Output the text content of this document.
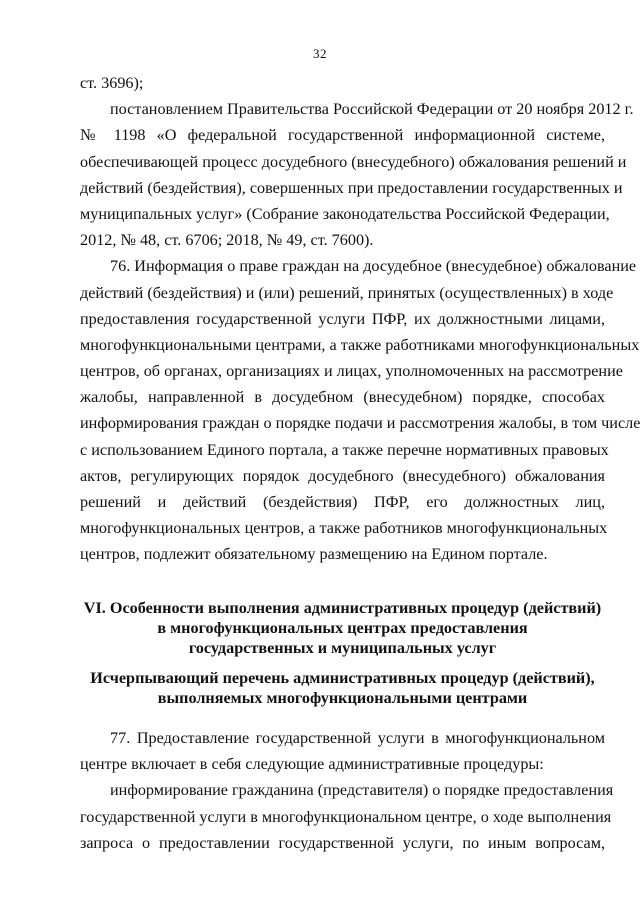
32
ст. 3696);
постановлением Правительства Российской Федерации от 20 ноября 2012 г.
№ 1198 «О федеральной государственной информационной системе,
обеспечивающей процесс досудебного (внесудебного) обжалования решений и
действий (бездействия), совершенных при предоставлении государственных и
муниципальных услуг» (Собрание законодательства Российской Федерации,
2012, № 48, ст. 6706; 2018, № 49, ст. 7600).
76. Информация о праве граждан на досудебное (внесудебное) обжалование
действий (бездействия) и (или) решений, принятых (осуществленных) в ходе
предоставления государственной услуги ПФР, их должностными лицами,
многофункциональными центрами, а также работниками многофункциональных
центров, об органах, организациях и лицах, уполномоченных на рассмотрение
жалобы, направленной в досудебном (внесудебном) порядке, способах
информирования граждан о порядке подачи и рассмотрения жалобы, в том числе
с использованием Единого портала, а также перечне нормативных правовых
актов, регулирующих порядок досудебного (внесудебного) обжалования
решений и действий (бездействия) ПФР, его должностных лиц,
многофункциональных центров, а также работников многофункциональных
центров, подлежит обязательному размещению на Едином портале.
VI. Особенности выполнения административных процедур (действий)
в многофункциональных центрах предоставления
государственных и муниципальных услуг
Исчерпывающий перечень административных процедур (действий),
выполняемых многофункциональными центрами
77. Предоставление государственной услуги в многофункциональном
центре включает в себя следующие административные процедуры:
информирование гражданина (представителя) о порядке предоставления
государственной услуги в многофункциональном центре, о ходе выполнения
запроса о предоставлении государственной услуги, по иным вопросам,
